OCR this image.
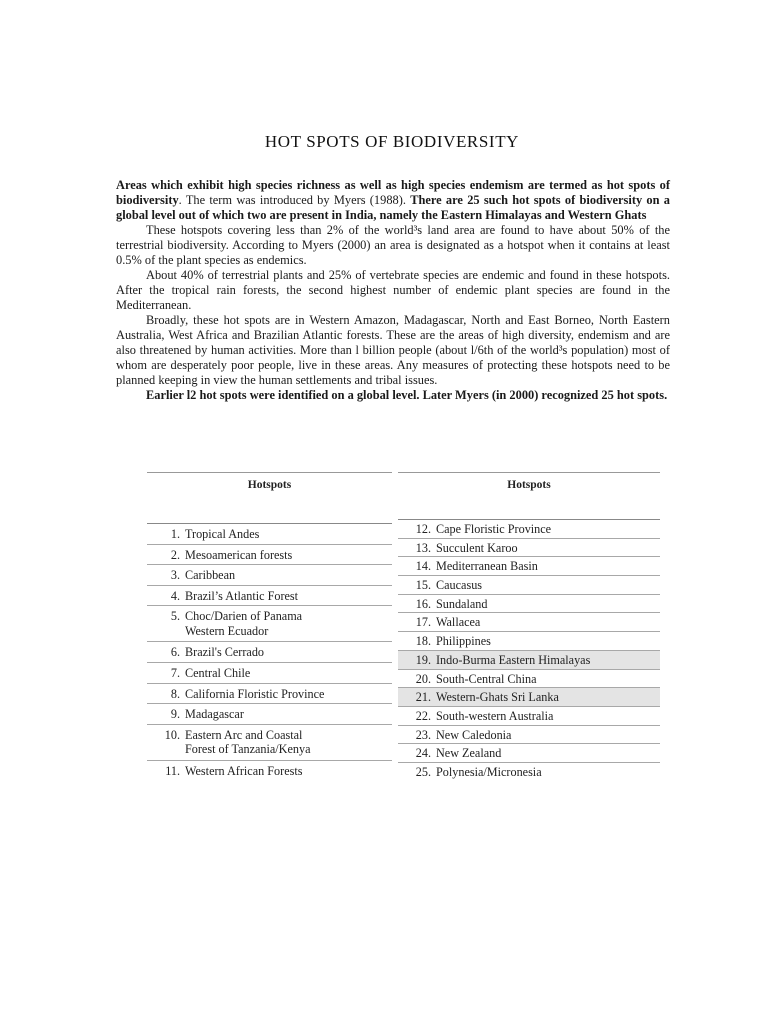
HOT SPOTS OF BIODIVERSITY

Areas which exhibit high species richness as well as high species endemism are termed as hot spots of biodiversity. The term was introduced by Myers (1988). There are 25 such hot spots of biodiversity on a global level out of which two are present in India, namely the Eastern Himalayas and Western Ghats

These hotspots covering less than 2% of the world³s land area are found to have about 50% of the terrestrial biodiversity. According to Myers (2000) an area is designated as a hotspot when it contains at least 0.5% of the plant species as endemics.

About 40% of terrestrial plants and 25% of vertebrate species are endemic and found in these hotspots. After the tropical rain forests, the second highest number of endemic plant species are found in the Mediterranean.

Broadly, these hot spots are in Western Amazon, Madagascar, North and East Borneo, North Eastern Australia, West Africa and Brazilian Atlantic forests. These are the areas of high diversity, endemism and are also threatened by human activities. More than l billion people (about l/6th of the world³s population) most of whom are desperately poor people, live in these areas. Any measures of protecting these hotspots need to be planned keeping in view the human settlements and tribal issues.

Earlier l2 hot spots were identified on a global level. Later Myers (in 2000) recognized 25 hot spots.

Hotspots
1. Tropical Andes
2. Mesoamerican forests
3. Caribbean
4. Brazil’s Atlantic Forest
5. Choc/Darien of Panama
Western Ecuador
6. Brazil's Cerrado
7. Central Chile
8. California Floristic Province
9. Madagascar
10. Eastern Arc and Coastal
Forest of Tanzania/Kenya
11. Western African Forests
Hotspots
12. Cape Floristic Province
13. Succulent Karoo
14. Mediterranean Basin
15. Caucasus
16. Sundaland
17. Wallacea
18. Philippines
19. Indo-Burma Eastern Himalayas
20. South-Central China
21. Western-Ghats Sri Lanka
22. South-western Australia
23. New Caledonia
24. New Zealand
25. Polynesia/Micronesia
